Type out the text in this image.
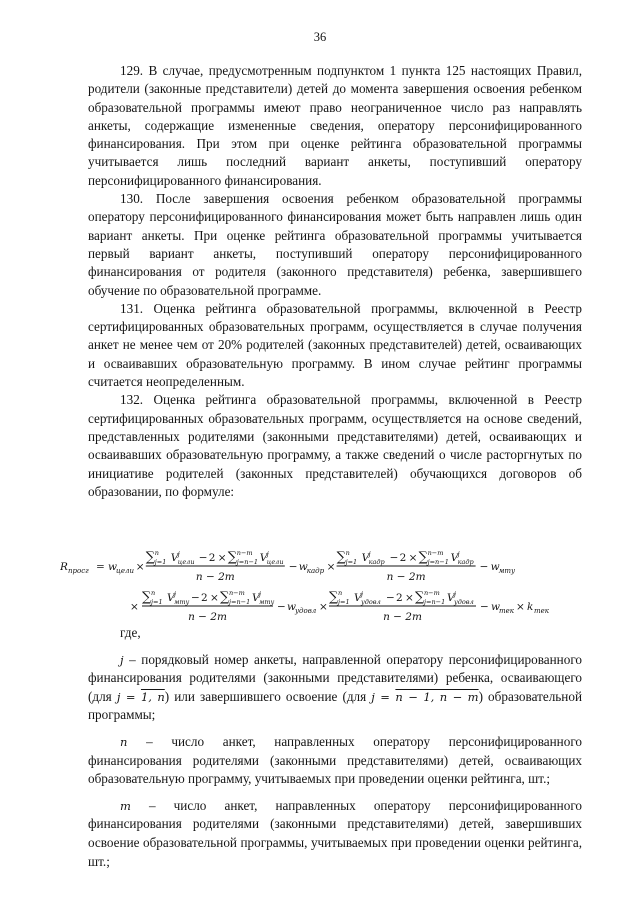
36

129. В случае, предусмотренным подпунктом 1 пункта 125 настоящих Правил, родители (законные представители) детей до момента завершения освоения ребенком образовательной программы имеют право неограниченное число раз направлять анкеты, содержащие измененные сведения, оператору персонифицированного финансирования. При этом при оценке рейтинга образовательной программы учитывается лишь последний вариант анкеты, поступивший оператору персонифицированного финансирования.

130. После завершения освоения ребенком образовательной программы оператору персонифицированного финансирования может быть направлен лишь один вариант анкеты. При оценке рейтинга образовательной программы учитывается первый вариант анкеты, поступивший оператору персонифицированного финансирования от родителя (законного представителя) ребенка, завершившего обучение по образовательной программе.

131. Оценка рейтинга образовательной программы, включенной в Реестр сертифицированных образовательных программ, осуществляется в случае получения анкет не менее чем от 20% родителей (законных представителей) детей, осваивающих и осваивавших образовательную программу. В ином случае рейтинг программы считается неопределенным.

132. Оценка рейтинга образовательной программы, включенной в Реестр сертифицированных образовательных программ, осуществляется на основе сведений, представленных родителями (законными представителями) детей, осваивающих и осваивавших образовательную программу, а также сведений о числе расторгнутых по инициативе родителей (законных представителей) обучающихся договоров об образовании, по формуле:

R просг = w цели ×
∑ n
j=1 V j
цели − 2 × ∑ n−m
j=n−1 V j
цели
n − 2m
− w кадр ×
∑ n
j=1 V j
кадр − 2 × ∑ n−m
j=n−1 V j
кадр
n − 2m
− w мту
×
∑ n
j=1 V j
мту − 2 × ∑ n−m
j=n−1 V j
мту
n − 2m
− w удовл ×
∑ n
j=1 V j
удовл − 2 × ∑ n−m
j=n−1 V j
удовл
n − 2m
− w тек × k тек

где,

j – порядковый номер анкеты, направленной оператору персонифицированного финансирования родителями (законными представителями) ребенка, осваивающего (для j = 1, n) или завершившего освоение (для j = n − 1, n − m) образовательной программы;

n – число анкет, направленных оператору персонифицированного финансирования родителями (законными представителями) детей, осваивающих образовательную программу, учитываемых при проведении оценки рейтинга, шт.;

m – число анкет, направленных оператору персонифицированного финансирования родителями (законными представителями) детей, завершивших освоение образовательной программы, учитываемых при проведении оценки рейтинга, шт.;
